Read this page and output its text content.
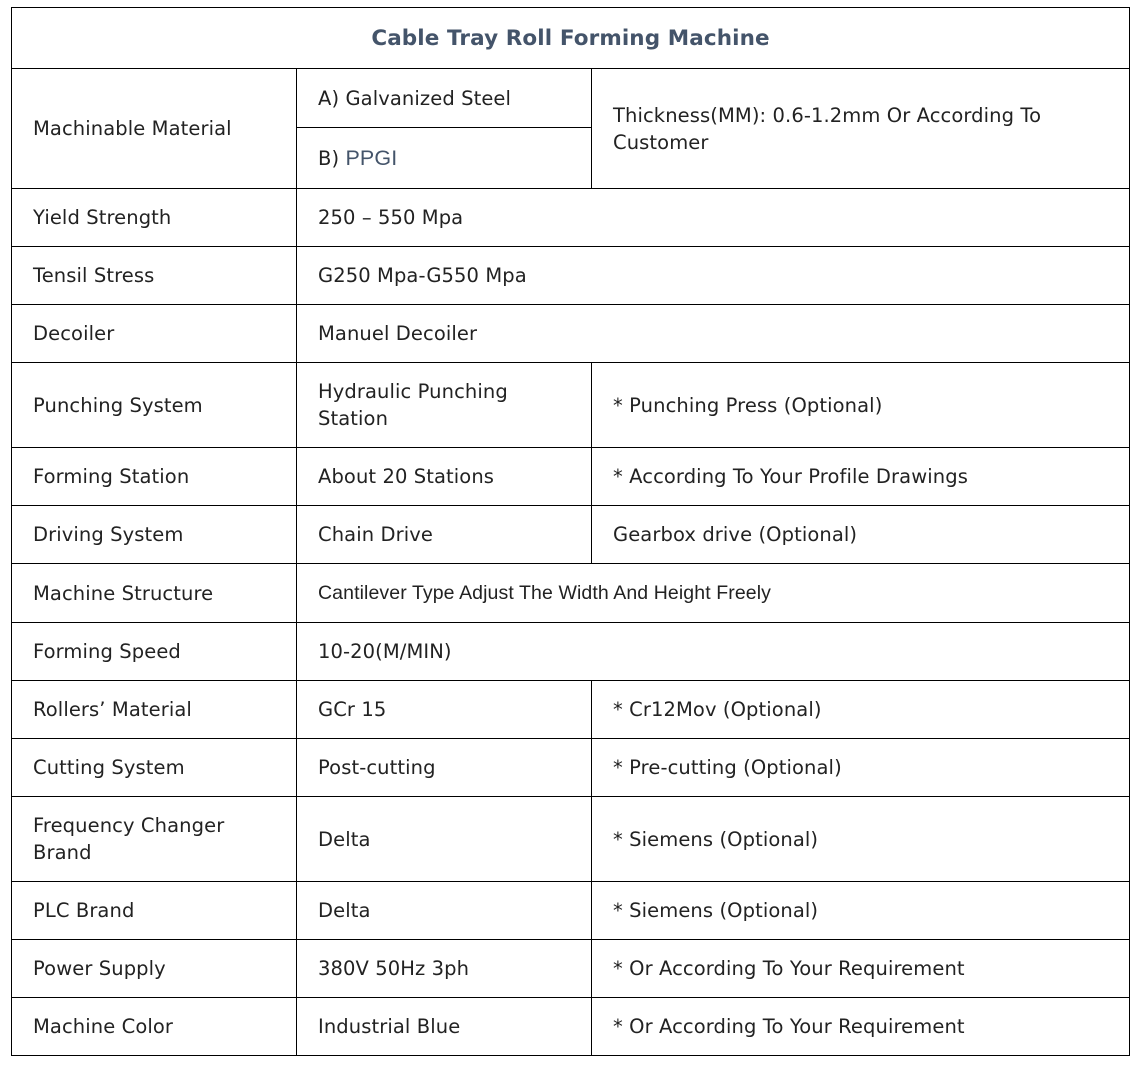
Cable Tray Roll Forming Machine		
Machinable Material	A) Galvanized Steel	Thickness(MM): 0.6-1.2mm Or According To Customer
	B) PPGI	
Yield Strength	250 – 550 Mpa	
Tensil Stress	G250 Mpa-G550 Mpa	
Decoiler	Manuel Decoiler	
Punching System	Hydraulic Punching Station	* Punching Press (Optional)
Forming Station	About 20 Stations	* According To Your Profile Drawings
Driving System	Chain Drive	Gearbox drive (Optional)
Machine Structure	Cantilever Type Adjust The Width And Height Freely	
Forming Speed	10-20(M/MIN)	
Rollers’ Material	GCr 15	* Cr12Mov (Optional)
Cutting System	Post-cutting	* Pre-cutting (Optional)
Frequency Changer Brand	Delta	* Siemens (Optional)
PLC Brand	Delta	* Siemens (Optional)
Power Supply	380V 50Hz 3ph	* Or According To Your Requirement
Machine Color	Industrial Blue	* Or According To Your Requirement
